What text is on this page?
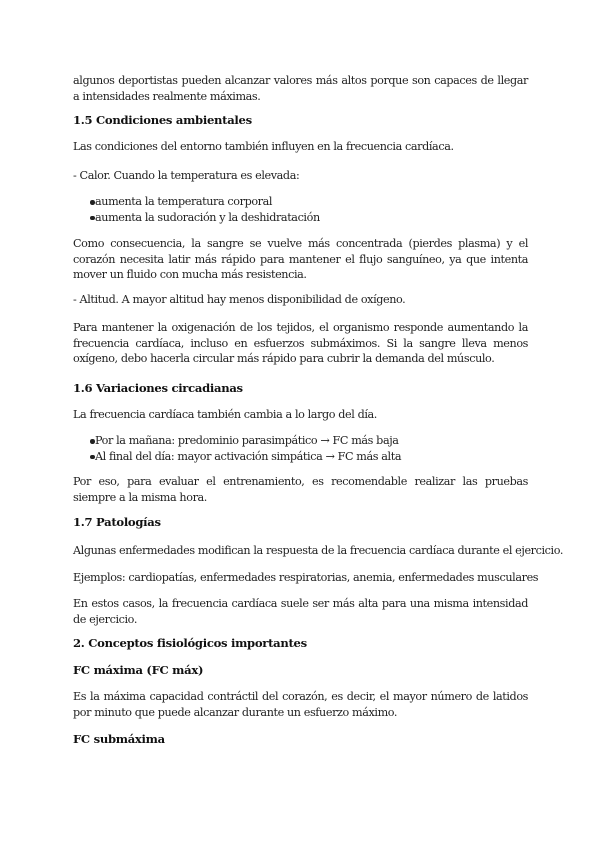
algunos deportistas pueden alcanzar valores más altos porque son capaces de llegar a intensidades realmente máximas.

1.5 Condiciones ambientales

Las condiciones del entorno también influyen en la frecuencia cardíaca.

- Calor. Cuando la temperatura es elevada:

aumenta la temperatura corporal
aumenta la sudoración y la deshidratación

Como consecuencia, la sangre se vuelve más concentrada (pierdes plasma) y el corazón necesita latir más rápido para mantener el flujo sanguíneo, ya que intenta mover un fluido con mucha más resistencia.

- Altitud. A mayor altitud hay menos disponibilidad de oxígeno.

Para mantener la oxigenación de los tejidos, el organismo responde aumentando la frecuencia cardíaca, incluso en esfuerzos submáximos. Si la sangre lleva menos oxígeno, debo hacerla circular más rápido para cubrir la demanda del músculo.

1.6 Variaciones circadianas

La frecuencia cardíaca también cambia a lo largo del día.

Por la mañana: predominio parasimpático → FC más baja
Al final del día: mayor activación simpática → FC más alta

Por eso, para evaluar el entrenamiento, es recomendable realizar las pruebas siempre a la misma hora.

1.7 Patologías

Algunas enfermedades modifican la respuesta de la frecuencia cardíaca durante el ejercicio.

Ejemplos: cardiopatías, enfermedades respiratorias, anemia, enfermedades musculares

En estos casos, la frecuencia cardíaca suele ser más alta para una misma intensidad de ejercicio.

2. Conceptos fisiológicos importantes
FC máxima (FC máx)

Es la máxima capacidad contráctil del corazón, es decir, el mayor número de latidos por minuto que puede alcanzar durante un esfuerzo máximo.

FC submáxima
